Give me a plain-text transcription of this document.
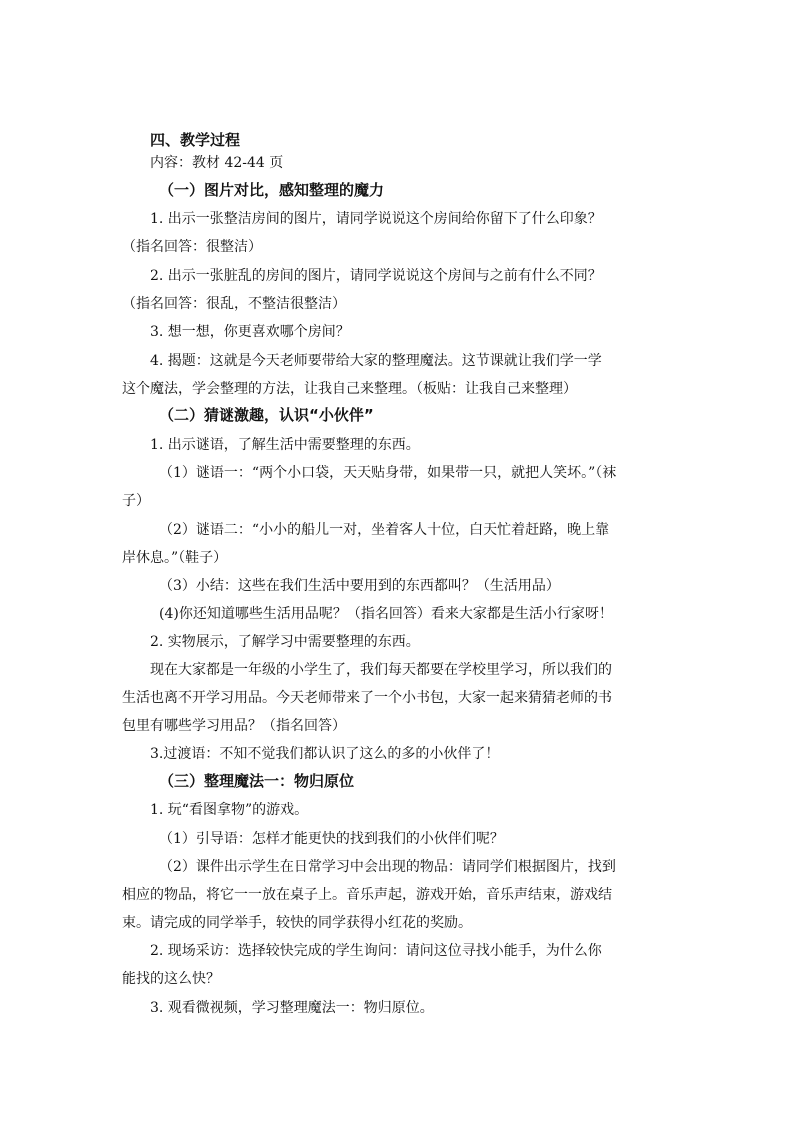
四、教学过程
内容：教材 42-44 页
（一）图片对比，感知整理的魔力
1. 出示一张整洁房间的图片，请同学说说这个房间给你留下了什么印象？
（指名回答：很整洁）
2. 出示一张脏乱的房间的图片，请同学说说这个房间与之前有什么不同？
（指名回答：很乱，不整洁很整洁）
3. 想一想，你更喜欢哪个房间？
4. 揭题：这就是今天老师要带给大家的整理魔法。这节课就让我们学一学
这个魔法，学会整理的方法，让我自己来整理。（板贴：让我自己来整理）
（二）猜谜激趣，认识“小伙伴”
1. 出示谜语，了解生活中需要整理的东西。
（1）谜语一：“两个小口袋，天天贴身带，如果带一只，就把人笑坏。”（袜
子）
（2）谜语二：“小小的船儿一对，坐着客人十位，白天忙着赶路，晚上靠
岸休息。”（鞋子）
（3）小结：这些在我们生活中要用到的东西都叫？（生活用品）
(4)你还知道哪些生活用品呢？（指名回答）看来大家都是生活小行家呀！
2. 实物展示，了解学习中需要整理的东西。
现在大家都是一年级的小学生了，我们每天都要在学校里学习，所以我们的
生活也离不开学习用品。今天老师带来了一个小书包，大家一起来猜猜老师的书
包里有哪些学习用品？（指名回答）
3.过渡语：不知不觉我们都认识了这么的多的小伙伴了！
（三）整理魔法一：物归原位
1. 玩“看图拿物”的游戏。
（1）引导语：怎样才能更快的找到我们的小伙伴们呢？
（2）课件出示学生在日常学习中会出现的物品：请同学们根据图片，找到
相应的物品，将它一一放在桌子上。音乐声起，游戏开始，音乐声结束，游戏结
束。请完成的同学举手，较快的同学获得小红花的奖励。
2. 现场采访：选择较快完成的学生询问：请问这位寻找小能手，为什么你
能找的这么快？
3. 观看微视频，学习整理魔法一：物归原位。
